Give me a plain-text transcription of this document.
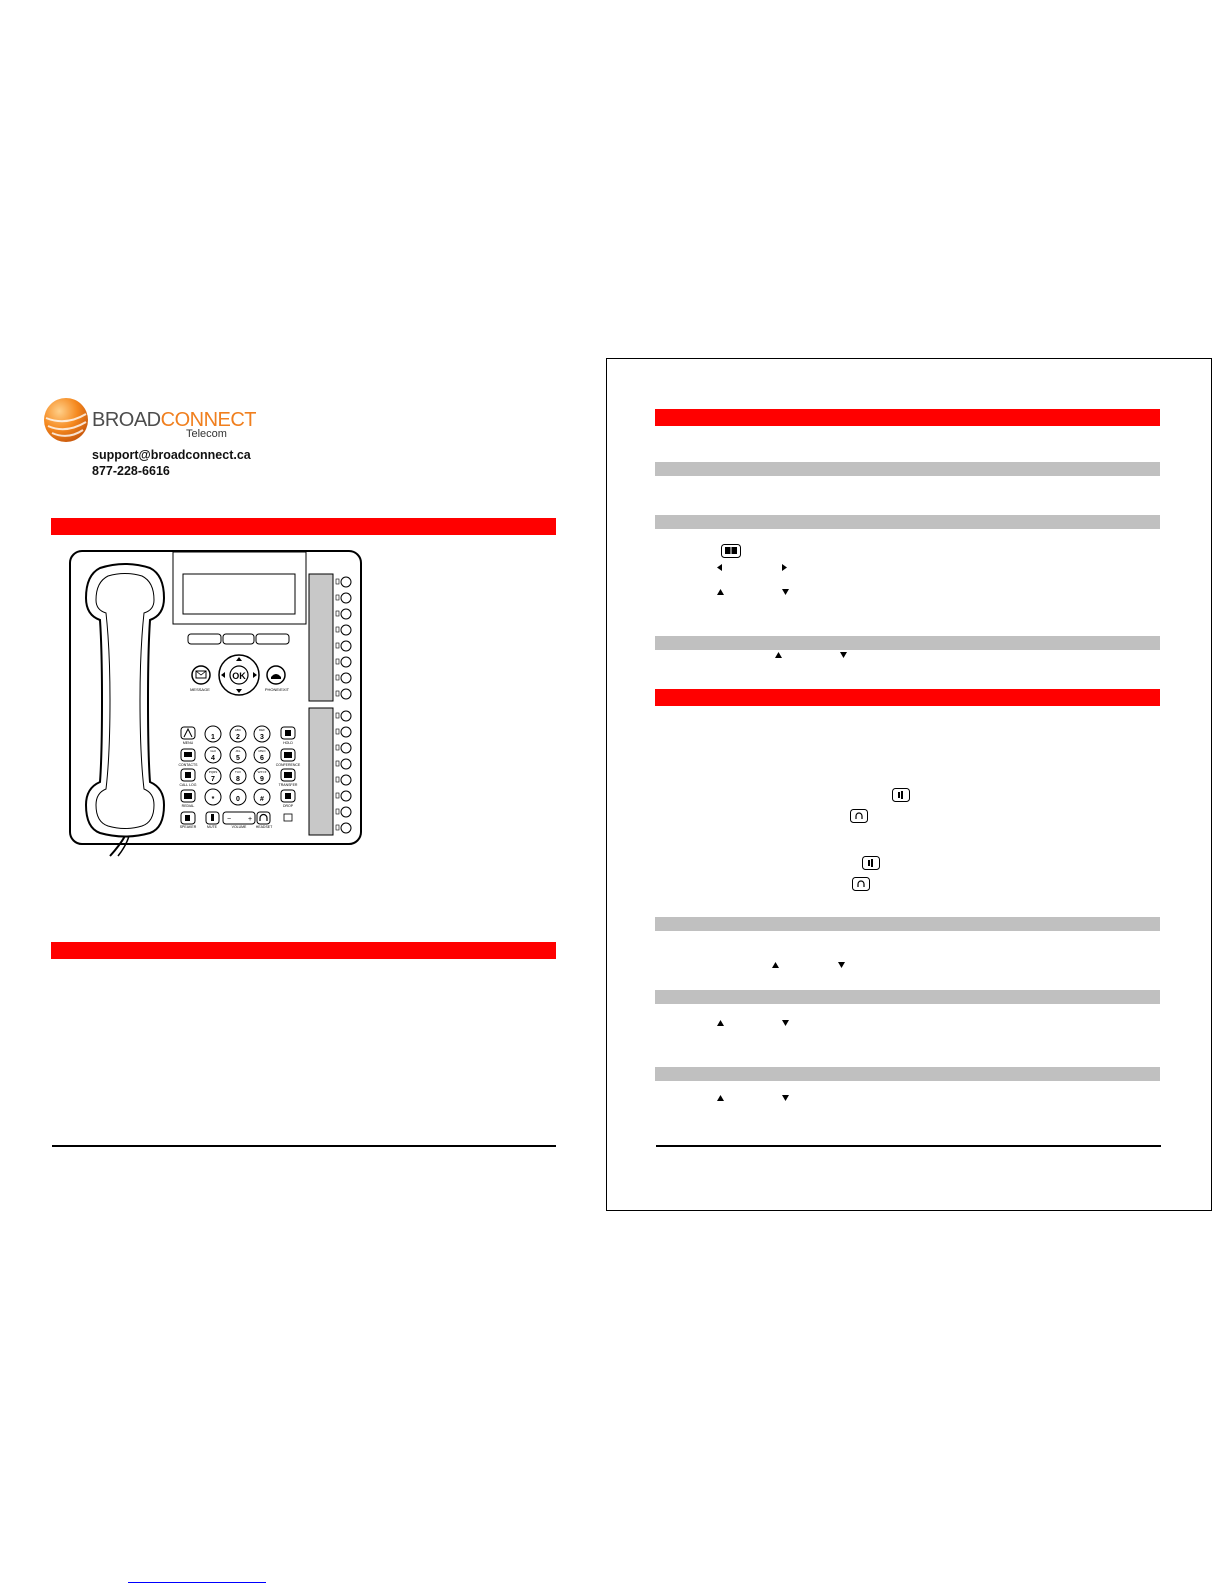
BROADCONNECT
Telecom
support@broadconnect.ca
877-228-6616
OK
MESSAGE	PHONE/EXIT
MENU
CONTACTS
CALL LOG
REDIAL
SPEAKER
HOLD
CONFERENCE
TRANSFER
DROP
1
ABC
2
DEF
3
GHI
4
JKL
5
MNO
6
PQRS
7
TUV
8
WXYZ
9
*	0	#
MUTE
− +
VOLUME	HEADSET
